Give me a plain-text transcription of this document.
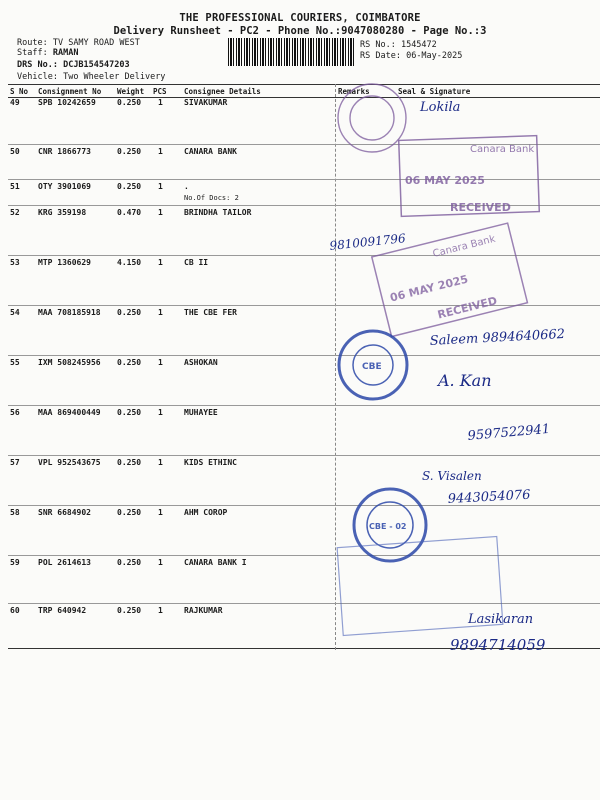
THE PROFESSIONAL COURIERS, COIMBATORE
Delivery Runsheet - PC2 - Phone No.:9047080280 - Page No.:3
Route: TV SAMY ROAD WEST
Staff: RAMAN
DRS No.: DCJB154547203
Vehicle: Two Wheeler Delivery
RS No.: 1545472
RS Date: 06-May-2025
S No Consignment No Weight PCS Consignee Details	Remarks	Seal & Signature
49 SPB 10242659	0.250 1	SIVAKUMAR
50 CNR 1866773	0.250 1	CANARA BANK
51 OTY 3901069	0.250 1	.
No.Of Docs: 2
52 KRG 359198	0.470 1	BRINDHA TAILOR
53 MTP 1360629	4.150 1	CB II
54 MAA 708185918 0.250 1	THE CBE FER
55 IXM 508245956 0.250 1	ASHOKAN
56 MAA 869400449 0.250 1	MUHAYEE
57 VPL 952543675 0.250 1	KIDS ETHINC
58 SNR 6684902	0.250 1	AHM COROP
59 POL 2614613	0.250 1	CANARA BANK I
60 TRP 640942	0.250 1	RAJKUMAR
Canara Bank
06 MAY 2025
RECEIVED
Canara Bank
06 MAY 2025
RECEIVED
CBE
CBE - 02
Lokila
9810091796
Saleem 9894640662
A. Kan
9597522941
S. Visalen
9443054076
Lasikaran
9894714059
